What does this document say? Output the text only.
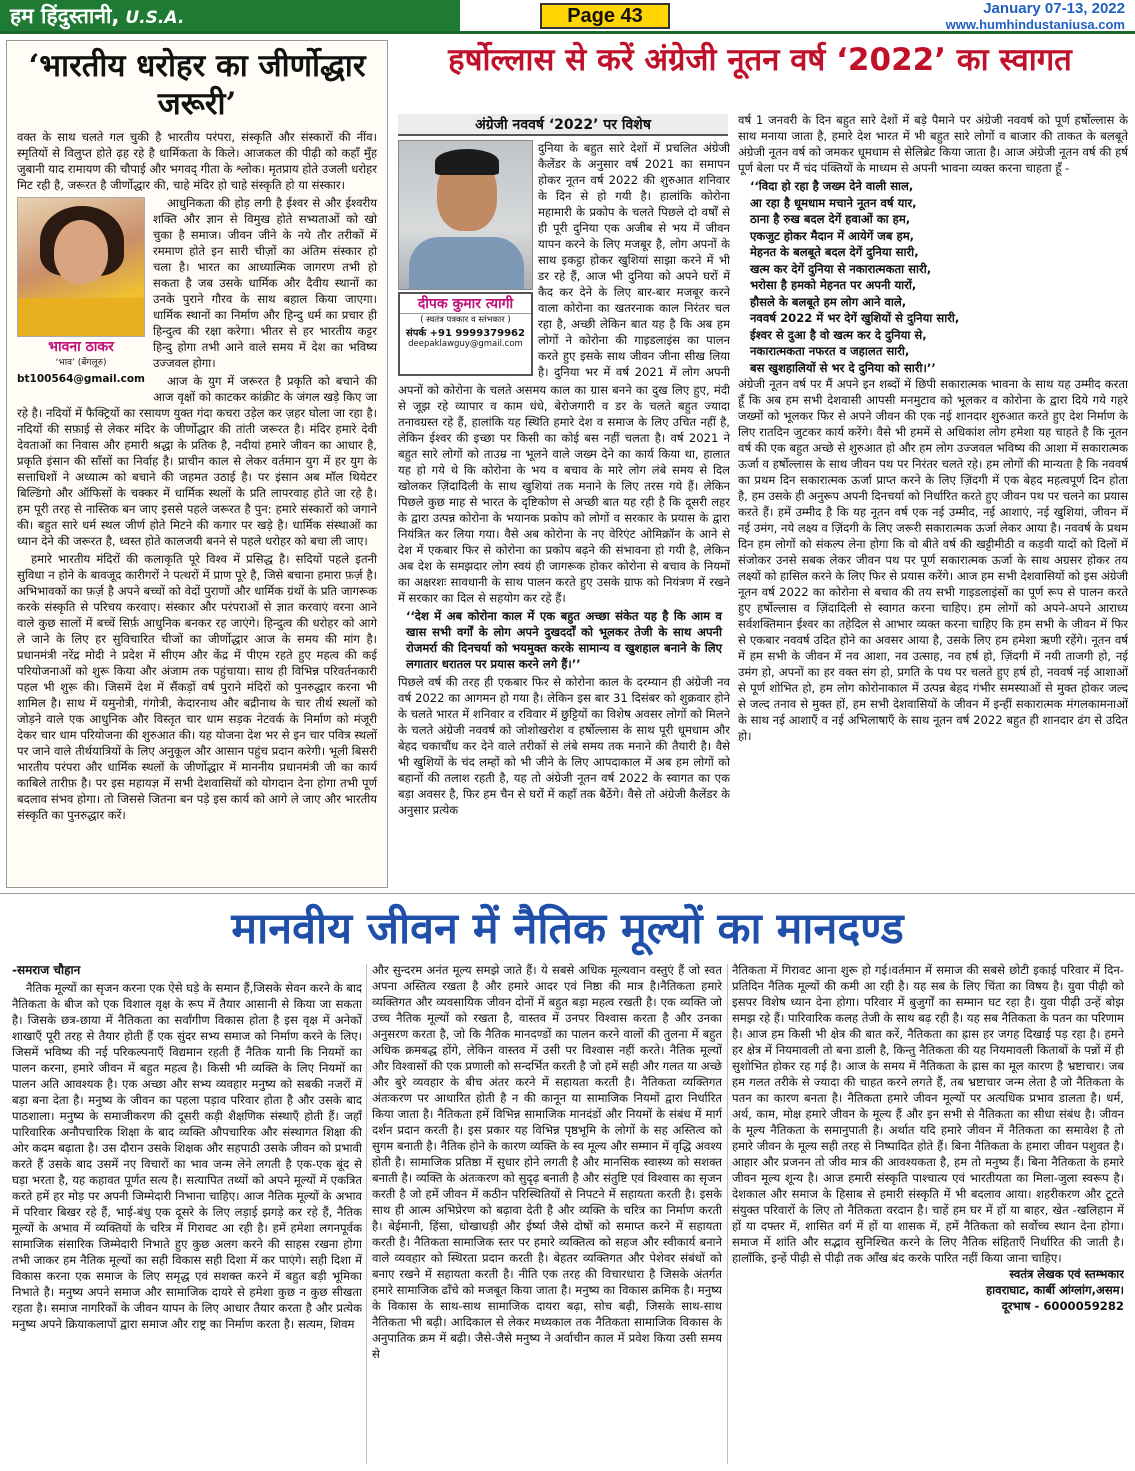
हम हिंदुस्तानी, U.S.A.	Page 43	January 07-13, 2022
www.humhindustaniusa.com
‘भारतीय धरोहर का जीर्णोद्धार जरूरी’

वक्त के साथ चलते गल चुकी है भारतीय परंपरा, संस्कृति और संस्कारों की नींव। स्मृतियों से विलुप्त होते ढ़ह रहे है धार्मिकता के किले। आजकल की पीढ़ी को कहाँ मुँह जुबानी याद रामायण की चौपाई और भगवद् गीता के श्लोक। मृतप्राय होते उजली धरोहर मिट रही है, जरूरत है जीर्णोद्धार की, चाहे मंदिर हो चाहे संस्कृति हो या संस्कार।

भावना ठाकर
‘भाव’ (बेंगलूरु)
bt100564@gmail.com

आधुनिकता की होड़ लगी है ईश्वर से और ईश्वरीय शक्ति और ज्ञान से विमुख होते सभ्यताओं को खो चुका है समाज। जीवन जीने के नये तौर तरीकों में रममाण होते इन सारी चीज़ों का अंतिम संस्कार हो चला है। भारत का आध्यात्मिक जागरण तभी हो सकता है जब उसके धार्मिक और दैवीय स्थानों का उनके पुराने गौरव के साथ बहाल किया जाएगा। धार्मिक स्थानों का निर्माण और हिन्दु धर्म का प्रचार ही हिन्दुत्व की रक्षा करेगा। भीतर से हर भारतीय कट्टर हिन्दु होगा तभी आने वाले समय में देश का भविष्य उज्जवल होगा।

आज के युग में जरूरत है प्रकृति को बचाने की आज वृक्षों को काटकर कांक्रीट के जंगल खड़े किए जा रहे है। नदियों में फैक्ट्रियों का रसायण युक्त गंदा कचरा उड़ेल कर ज़हर घोला जा रहा है। नदियों की सफ़ाई से लेकर मंदिर के जीर्णोद्धार की तांती जरूरत है। मंदिर हमारे देवी देवताओं का निवास और हमारी श्रद्धा के प्रतिक है, नदीयां हमारे जीवन का आधार है, प्रकृति इंसान की साँसों का निर्वाह है। प्राचीन काल से लेकर वर्तमान युग में हर युग के सत्ताधिशों ने अध्यात्म को बचाने की जहमत उठाई है। पर इंसान अब मॉल थियेटर बिल्डिंगो और ऑफिसों के चक्कर में धार्मिक स्थलों के प्रति लापरवाह होते जा रहे है। हम पूरी तरह से नास्तिक बन जाए इससे पहले जरूरत है पुन: हमारे संस्कारों को जगाने की। बहुत सारे धर्म स्थल जीर्ण होते मिटने की कगार पर खड़े है। धार्मिक संस्थाओं का ध्यान देने की जरूरत है, ध्वस्त होते कालजयी बनने से पहले धरोहर को बचा ली जाए।

हमारे भारतीय मंदिरों की कलाकृति पूरे विश्व में प्रसिद्ध है। सदियों पहले इतनी सुविधा न होने के बावजूद कारीगरों ने पत्थरों में प्राण पूरे है, जिसे बचाना हमारा फ़र्ज़ है। अभिभावकों का फ़र्ज़ है अपने बच्चों को वेदों पुराणों और धार्मिक ग्रंथों के प्रति जागरूक करके संस्कृति से परिचय करवाए। संस्कार और परंपराओं से ज्ञात करवाएं वरना आने वाले कुछ सालों में बच्चें सिर्फ़ आधुनिक बनकर रह जाएंगे। हिन्दुत्व की धरोहर को आगे ले जाने के लिए हर सुविचारित चीजों का जीर्णोद्धार आज के समय की मांग है। प्रधानमंत्री नरेंद्र मोदी ने प्रदेश में सीएम और केंद्र में पीएम रहते हुए महत्व की कई परियोजनाओं को शुरू किया और अंजाम तक पहुंचाया। साथ ही विभिन्न परिवर्तनकारी पहल भी शुरू की। जिसमें देश में सैंकड़ों वर्ष पुराने मंदिरों को पुनरुद्धार करना भी शामिल है। साथ में यमुनोत्री, गंगोत्री, केदारनाथ और बद्रीनाथ के चार तीर्थ स्थलों को जोड़ने वाले एक आधुनिक और विस्तृत चार धाम सड़क नेटवर्क के निर्माण को मंजूरी देकर चार धाम परियोजना की शुरुआत की। यह योजना देश भर से इन चार पवित्र स्थलों पर जाने वाले तीर्थयात्रियों के लिए अनुकूल और आसान पहुंच प्रदान करेगी। भूली बिसरी भारतीय परंपरा और धार्मिक स्थलों के जीर्णोद्धार में माननीय प्रधानमंत्री जी का कार्य काबिले तारीफ़ है। पर इस महायज्ञ में सभी देशवासियों को योगदान देना होगा तभी पूर्ण बदलाव संभव होगा। तो जिससे जितना बन पड़े इस कार्य को आगे ले जाए और भारतीय संस्कृति का पुनरुद्धार करें।

हर्षोल्लास से करें अंग्रेजी नूतन वर्ष ‘2022’ का स्वागत
अंग्रेजी नववर्ष ‘2022’ पर विशेष
दीपक कुमार त्यागी
( स्वतंत्र पत्रकार व स्तंभकार )
संपर्क +91 9999379962
deepaklawguy@gmail.com
दुनिया के बहुत सारे देशों में प्रचलित अंग्रेजी कैलेंडर के अनुसार वर्ष 2021 का समापन होकर नूतन वर्ष 2022 की शुरुआत शनिवार के दिन से हो गयी है। हालांकि कोरोना महामारी के प्रकोप के चलते पिछले दो वर्षों से ही पूरी दुनिया एक अजीब से भय में जीवन यापन करने के लिए मजबूर है, लोग अपनों के साथ इकट्ठा होकर खुशियां साझा करने में भी डर रहे हैं, आज भी दुनिया को अपने घरों में कैद कर देने के लिए बार-बार मजबूर करने वाला कोरोना का खतरनाक काल निरंतर चल रहा है, अच्छी लेकिन बात यह है कि अब हम लोगों ने कोरोना की गाइडलाइंस का पालन करते हुए इसके साथ जीवन जीना सीख लिया है। दुनिया भर में वर्ष 2021 में लोग अपनी

अपनों को कोरोना के चलते असमय काल का ग्रास बनने का दुख लिए हुए, मंदी से जूझ रहे व्यापार व काम धंधे, बेरोजगारी व डर के चलते बहुत ज्यादा तनावग्रस्त रहे हैं, हालांकि यह स्थिति हमारे देश व समाज के लिए उचित नहीं है, लेकिन ईश्वर की इच्छा पर किसी का कोई बस नहीं चलता है। वर्ष 2021 ने बहुत सारे लोगों को ताउम्र ना भूलने वाले जख्म देने का कार्य किया था, हालात यह हो गये थे कि कोरोना के भय व बचाव के मारे लोग लंबे समय से दिल खोलकर ज़िंदादिली के साथ खुशियां तक मनाने के लिए तरस गये हैं। लेकिन पिछले कुछ माह से भारत के दृष्टिकोण से अच्छी बात यह रही है कि दूसरी लहर के द्वारा उत्पन्न कोरोना के भयानक प्रकोप को लोगों व सरकार के प्रयास के द्वारा नियंत्रित कर लिया गया। वैसे अब कोरोना के नए वेरिएंट ओमिक्रॉन के आने से देश में एकबार फिर से कोरोना का प्रकोप बढ़ने की संभावना हो गयी है, लेकिन अब देश के समझदार लोग स्वयं ही जागरूक होकर कोरोना से बचाव के नियमों का अक्षरशः सावधानी के साथ पालन करते हुए उसके ग्राफ को नियंत्रण में रखने में सरकार का दिल से सहयोग कर रहे हैं।

‘‘देश में अब कोरोना काल में एक बहुत अच्छा संकेत यह है कि आम व खास सभी वर्गों के लोग अपने दुखदर्दों को भूलकर तेजी के साथ अपनी रोजमर्रा की दिनचर्या को भयमुक्त करके सामान्य व खुशहाल बनाने के लिए लगातार धरातल पर प्रयास करने लगे हैं।’’

पिछले वर्ष की तरह ही एकबार फिर से कोरोना काल के दरम्यान ही अंग्रेजी नव वर्ष 2022 का आगमन हो गया है। लेकिन इस बार 31 दिसंबर को शुक्रवार होने के चलते भारत में शनिवार व रविवार में छुट्टियों का विशेष अवसर लोगों को मिलने के चलते अंग्रेजी नववर्ष को जोशोखरोश व हर्षोल्लास के साथ पूरी धूमधाम और बेहद चकाचौंध कर देने वाले तरीकों से लंबे समय तक मनाने की तैयारी है। वैसे भी खुशियों के चंद लम्हों को भी जीने के लिए आपदाकाल में अब हम लोगों को बहानों की तलाश रहती है, यह तो अंग्रेजी नूतन वर्ष 2022 के स्वागत का एक बड़ा अवसर है, फिर हम चैन से घरों में कहाँ तक बैठेंगे। वैसे तो अंग्रेजी कैलेंडर के अनुसार प्रत्येक

वर्ष 1 जनवरी के दिन बहुत सारे देशों में बड़े पैमाने पर अंग्रेजी नववर्ष को पूर्ण हर्षोल्लास के साथ मनाया जाता है, हमारे देश भारत में भी बहुत सारे लोगों व बाजार की ताकत के बलबूते अंग्रेजी नूतन वर्ष को जमकर धूमधाम से सेलिब्रेट किया जाता है। आज अंग्रेजी नूतन वर्ष की हर्ष पूर्ण बेला पर मैं चंद पंक्तियों के माध्यम से अपनी भावना व्यक्त करना चाहता हूँ -

‘‘विदा हो रहा है जख्म देने वाली साल,
आ रहा है धूमधाम मचाने नूतन वर्ष यार,
ठाना है रुख बदल देगें हवाओं का हम,
एकजुट होकर मैदान में आयेगें जब हम,
मेहनत के बलबूते बदल देगें दुनिया सारी,
खत्म कर देगें दुनिया से नकारात्मकता सारी,
भरोसा है हमको मेहनत पर अपनी यारों,
हौसले के बलबूते हम लोग आने वाले,
नववर्ष 2022 में भर देगें खुशियों से दुनिया सारी,
ईश्वर से दुआ है वो खत्म कर दे दुनिया से,
नकारात्मकता नफरत व जहालत सारी,
बस खुशहालियों से भर दे दुनिया को सारी।’’

अंग्रेजी नूतन वर्ष पर मैं अपने इन शब्दों में छिपी सकारात्मक भावना के साथ यह उम्मीद करता हूँ कि अब हम सभी देशवासी आपसी मनमुटाव को भूलकर व कोरोना के द्वारा दिये गये गहरे जख्मों को भूलकर फिर से अपने जीवन की एक नई शानदार शुरुआत करते हुए देश निर्माण के लिए रातदिन जुटकर कार्य करेंगे। वैसे भी हममें से अधिकांश लोग हमेशा यह चाहते है कि नूतन वर्ष की एक बहुत अच्छे से शुरुआत हो और हम लोग उज्जवल भविष्य की आशा में सकारात्मक ऊर्जा व हर्षोल्लास के साथ जीवन पथ पर निरंतर चलते रहे। हम लोगों की मान्यता है कि नववर्ष का प्रथम दिन सकारात्मक ऊर्जा प्राप्त करने के लिए ज़िंदगी में एक बेहद महत्वपूर्ण दिन होता है, हम उसके ही अनुरूप अपनी दिनचर्या को निर्धारित करते हुए जीवन पथ पर चलने का प्रयास करते हैं। हमें उम्मीद है कि यह नूतन वर्ष एक नई उम्मीद, नई आशाएं, नई खुशियां, जीवन में नई उमंग, नये लक्ष्य व ज़िंदगी के लिए जरूरी सकारात्मक ऊर्जा लेकर आया है। नववर्ष के प्रथम दिन हम लोगों को संकल्प लेना होगा कि वो बीते वर्ष की खट्टीमीठी व कड़वी यादों को दिलों में संजोकर उनसे सबक लेकर जीवन पथ पर पूर्ण सकारात्मक ऊर्जा के साथ अग्रसर होकर तय लक्ष्यों को हासिल करने के लिए फिर से प्रयास करेंगे। आज हम सभी देशवासियों को इस अंग्रेजी नूतन वर्ष 2022 का कोरोना से बचाव की तय सभी गाइडलाइंसों का पूर्ण रूप से पालन करते हुए हर्षोल्लास व ज़िंदादिली से स्वागत करना चाहिए। हम लोगों को अपने-अपने आराध्य सर्वशक्तिमान ईश्वर का तहेदिल से आभार व्यक्त करना चाहिए कि हम सभी के जीवन में फिर से एकबार नववर्ष उदित होने का अवसर आया है, उसके लिए हम हमेशा ऋणी रहेंगे। नूतन वर्ष में हम सभी के जीवन में नव आशा, नव उत्साह, नव हर्ष हो, ज़िंदगी में नयी ताजगी हो, नई उमंग हो, अपनों का हर वक्त संग हो, प्रगति के पथ पर चलते हुए हर्ष हो, नववर्ष नई आशाओं से पूर्ण शोभित हो, हम लोग कोरोनाकाल में उत्पन्न बेहद गंभीर समस्याओं से मुक्त होकर जल्द से जल्द तनाव से मुक्त हों, हम सभी देशवासियों के जीवन में इन्हीं सकारात्मक मंगलकामनाओं के साथ नई आशाएँ व नई अभिलाषाएँ के साथ नूतन वर्ष 2022 बहुत ही शानदार ढंग से उदित हो।

मानवीय जीवन में नैतिक मूल्यों का मानदण्ड
-समराज चौहान

नैतिक मूल्यों का सृजन करना एक ऐसे घड़े के समान हैं,जिसके सेवन करने के बाद नैतिकता के बीज को एक विशाल वृक्ष के रूप में तैयार आसानी से किया जा सकता है। जिसके छत्र-छाया में नैतिकता का सर्वांगीण विकास होता है इस वृक्ष में अनेकों शाखाएँ पूरी तरह से तैयार होती हैं एक सुंदर सभ्य समाज को निर्माण करने के लिए। जिसमें भविष्य की नई परिकल्पनाएँ विद्यमान रहती हैं नैतिक यानी कि नियमों का पालन करना, हमारे जीवन में बहुत महत्व है। किसी भी व्यक्ति के लिए नियमों का पालन अति आवश्यक है। एक अच्छा और सभ्य व्यवहार मनुष्य को सबकी नजरों में बड़ा बना देता है। मनुष्य के जीवन का पहला पड़ाव परिवार होता है और उसके बाद पाठशाला। मनुष्य के समाजीकरण की दूसरी कड़ी शैक्षणिक संस्थाएँ होती हैं। जहाँ पारिवारिक अनौपचारिक शिक्षा के बाद व्यक्ति औपचारिक और संस्थागत शिक्षा की ओर कदम बढ़ाता है। उस दौरान उसके शिक्षक और सहपाठी उसके जीवन को प्रभावी करते हैं उसके बाद उसमें नए विचारों का भाव जन्म लेने लगती है एक-एक बूंद से घड़ा भरता है, यह कहावत पूर्णत सत्य है। सत्यापित तथ्यों को अपने मूल्यों में एकत्रित करते हमें हर मोड़ पर अपनी जिम्मेदारी निभाना चाहिए। आज नैतिक मूल्यों के अभाव में परिवार बिखर रहे हैं, भाई-बंधु एक दूसरे के लिए लड़ाई झगड़े कर रहे हैं, नैतिक मूल्यों के अभाव में व्यक्तियों के चरित्र में गिरावट आ रही है। हमें हमेशा लगनपूर्वक सामाजिक संसारिक जिम्मेदारी निभाते हुए कुछ अलग करने की साहस रखना होगा तभी जाकर हम नैतिक मूल्यों का सही विकास सही दिशा में कर पाएंगे। सही दिशा में विकास करना एक समाज के लिए समृद्ध एवं सशक्त करने में बहुत बड़ी भूमिका निभाते है। मनुष्य अपने समाज और सामाजिक दायरे से हमेशा कुछ न कुछ सीखता रहता है। समाज नागरिकों के जीवन यापन के लिए आधार तैयार करता है और प्रत्येक मनुष्य अपने क्रियाकलापों द्वारा समाज और राष्ट्र का निर्माण करता है। सत्यम, शिवम

और सुन्दरम अनंत मूल्य समझे जाते हैं। ये सबसे अधिक मूल्यवान वस्तुएं हैं जो स्वत अपना अस्तित्व रखता है और हमारे आदर एवं निष्ठा की मात्र है।नैतिकता हमारे व्यक्तिगत और व्यवसायिक जीवन दोनों में बहुत बड़ा महत्व रखती है। एक व्यक्ति जो उच्च नैतिक मूल्यों को रखता है, वास्तव में उनपर विश्वास करता है और उनका अनुसरण करता है, जो कि नैतिक मानदण्डों का पालन करने वालों की तुलना में बहुत अधिक क्रमबद्ध होंगे, लेकिन वास्तव में उसी पर विश्वास नहीं करते। नैतिक मूल्यों और विश्वासों की एक प्रणाली को सन्दर्भित करती है जो हमें सही और गलत या अच्छे और बुरे व्यवहार के बीच अंतर करने में सहायता करती है। नैतिकता व्यक्तिगत अंतःकरण पर आधारित होती है न की कानून या सामाजिक नियमों द्वारा निर्धारित किया जाता है। नैतिकता हमें विभिन्न सामाजिक मानदंडों और नियमों के संबंध में मार्ग दर्शन प्रदान करती है। इस प्रकार यह विभिन्न पृष्ठभूमि के लोगों के सह अस्तित्व को सुगम बनाती है। नैतिक होने के कारण व्यक्ति के स्व मूल्य और सम्मान में वृद्धि अवश्य होती है। सामाजिक प्रतिष्ठा में सुधार होने लगती है और मानसिक स्वास्थ्य को सशक्त बनाती है। व्यक्ति के अंतःकरण को सुदृढ़ बनाती है और संतुष्टि एवं विश्वास का सृजन करती है जो हमें जीवन में कठीन परिस्थितियों से निपटने में सहायता करती है। इसके साथ ही आत्म अभिप्रेरण को बढ़ावा देती है और व्यक्ति के चरित्र का निर्माण करती है। बेईमानी, हिंसा, धोखाधड़ी और ईर्ष्या जैसे दोषों को समाप्त करने में सहायता करती है। नैतिकता सामाजिक स्तर पर हमारे व्यक्तित्व को सहज और स्वीकार्य बनाने वाले व्यवहार को स्थिरता प्रदान करती है। बेहतर व्यक्तिगत और पेशेवर संबंधों को बनाए रखने में सहायता करती है। नीति एक तरह की विचारधारा है जिसके अंतर्गत हमारे सामाजिक ढाँचे को मजबूत किया जाता है। मनुष्य का विकास क्रमिक है। मनुष्य के विकास के साथ-साथ सामाजिक दायरा बढ़ा, सोच बढ़ी, जिसके साथ-साथ नैतिकता भी बढ़ी। आदिकाल से लेकर मध्यकाल तक नैतिकता सामाजिक विकास के अनुपातिक क्रम में बढ़ी। जैसे-जैसे मनुष्य ने अर्वाचीन काल में प्रवेश किया उसी समय से

नैतिकता में गिरावट आना शुरू हो गई।वर्तमान में समाज की सबसे छोटी इकाई परिवार में दिन-प्रतिदिन नैतिक मूल्यों की कमी आ रही है। यह सब के लिए चिंता का विषय है। युवा पीढ़ी को इसपर विशेष ध्यान देना होगा। परिवार में बुजुर्गों का सम्मान घट रहा है। युवा पीढ़ी उन्हें बोझ समझ रहे हैं। पारिवारिक कलह तेजी के साथ बढ़ रही है। यह सब नैतिकता के पतन का परिणाम है। आज हम किसी भी क्षेत्र की बात करें, नैतिकता का ह्रास हर जगह दिखाई पड़ रहा है। हमने हर क्षेत्र में नियमावली तो बना डाली है, किन्तु नैतिकता की यह नियमावली किताबों के पन्नों में ही सुशोभित होकर रह गई है। आज के समय में नैतिकता के ह्रास का मूल कारण है भ्रष्टाचार। जब हम गलत तरीके से ज्यादा की चाहत करने लगते हैं, तब भ्रष्टाचार जन्म लेता है जो नैतिकता के पतन का कारण बनता है। नैतिकता हमारे जीवन मूल्यों पर अत्यधिक प्रभाव डालता है। धर्म, अर्थ, काम, मोक्ष हमारे जीवन के मूल्य हैं और इन सभी से नैतिकता का सीधा संबंध है। जीवन के मूल्य नैतिकता के समानुपाती है। अर्थात यदि हमारे जीवन में नैतिकता का समावेश है तो हमारे जीवन के मूल्य सही तरह से निष्पादित होते हैं। बिना नैतिकता के हमारा जीवन पशुवत है। आहार और प्रजनन तो जीव मात्र की आवश्यकता है, हम तो मनुष्य हैं। बिना नैतिकता के हमारे जीवन मूल्य शून्य है। आज हमारी संस्कृति पाश्चात्य एवं भारतीयता का मिला-जुला स्वरूप है। देशकाल और समाज के हिसाब से हमारी संस्कृति में भी बदलाव आया। शहरीकरण और टूटते संयुक्त परिवारों के लिए तो नैतिकता वरदान है। चाहें हम घर में हों या बाहर, खेत -खलिहान में हों या दफ्तर में, शासित वर्ग में हों या शासक में, हमें नैतिकता को सर्वोच्च स्थान देना होगा। समाज में शांति और सद्भाव सुनिश्चित करने के लिए नैतिक संहिताएँ निर्धारित की जाती है। हालाँकि, इन्हें पीढ़ी से पीढ़ी तक आँख बंद करके पारित नहीं किया जाना चाहिए।

स्वतंत्र लेखक एवं स्तम्भकार
हावराघाट, कार्बी आंग्लांग,असम।
दूरभाष - 6000059282
